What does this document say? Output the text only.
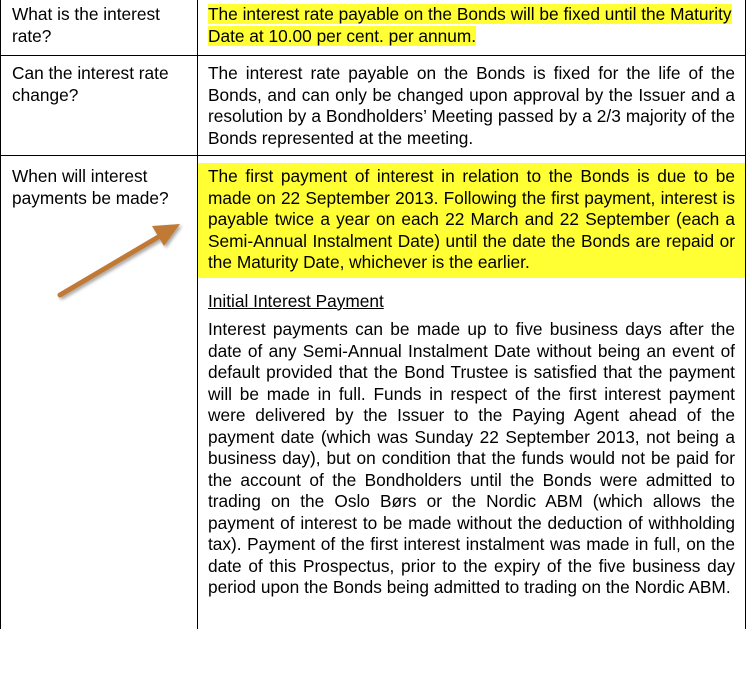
What is the interest rate?	The interest rate payable on the Bonds will be fixed until the Maturity Date at 10.00 per cent. per annum.

Can the interest rate change?	The interest rate payable on the Bonds is fixed for the life of the Bonds, and can only be changed upon approval by the Issuer and a resolution by a Bondholders’ Meeting passed by a 2/3 majority of the Bonds represented at the meeting.

When will interest payments be made?	The first payment of interest in relation to the Bonds is due to be made on 22 September 2013. Following the first payment, interest is payable twice a year on each 22 March and 22 September (each a Semi-Annual Instalment Date) until the date the Bonds are repaid or the Maturity Date, whichever is the earlier.
Initial Interest Payment
Interest payments can be made up to five business days after the date of any Semi-Annual Instalment Date without being an event of default provided that the Bond Trustee is satisfied that the payment will be made in full. Funds in respect of the first interest payment were delivered by the Issuer to the Paying Agent ahead of the payment date (which was Sunday 22 September 2013, not being a business day), but on condition that the funds would not be paid for the account of the Bondholders until the Bonds were admitted to trading on the Oslo Børs or the Nordic ABM (which allows the payment of interest to be made without the deduction of withholding tax). Payment of the first interest instalment was made in full, on the date of this Prospectus, prior to the expiry of the five business day period upon the Bonds being admitted to trading on the Nordic ABM.
